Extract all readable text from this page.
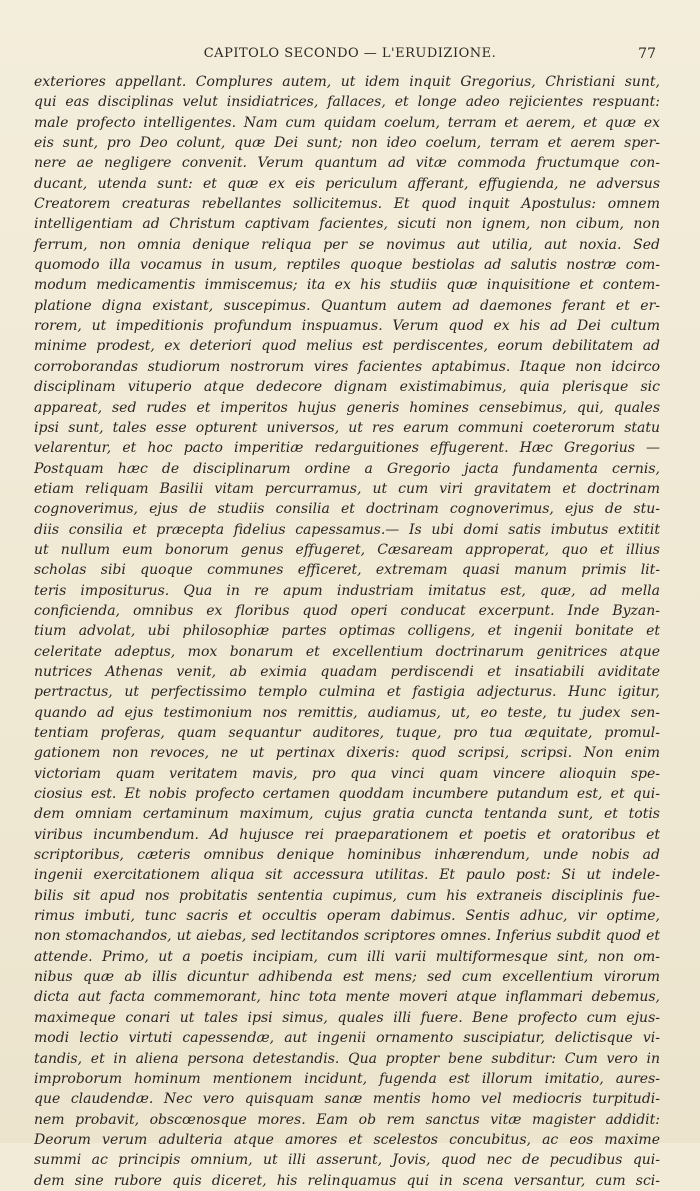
CAPITOLO SECONDO — L'ERUDIZIONE.	77
exteriores appellant. Complures autem, ut idem inquit Gregorius, Christiani sunt,
qui eas disciplinas velut insidiatrices, fallaces, et longe adeo rejicientes respuant:
male profecto intelligentes. Nam cum quidam coelum, terram et aerem, et quæ ex
eis sunt, pro Deo colunt, quæ Dei sunt; non ideo coelum, terram et aerem sper-
nere ae negligere convenit. Verum quantum ad vitæ commoda fructumque con-
ducant, utenda sunt: et quæ ex eis periculum afferant, effugienda, ne adversus
Creatorem creaturas rebellantes sollicitemus. Et quod inquit Apostulus: omnem
intelligentiam ad Christum captivam facientes, sicuti non ignem, non cibum, non
ferrum, non omnia denique reliqua per se novimus aut utilia, aut noxia. Sed
quomodo illa vocamus in usum, reptiles quoque bestiolas ad salutis nostræ com-
modum medicamentis immiscemus; ita ex his studiis quæ inquisitione et contem-
platione digna existant, suscepimus. Quantum autem ad daemones ferant et er-
rorem, ut impeditionis profundum inspuamus. Verum quod ex his ad Dei cultum
minime prodest, ex deteriori quod melius est perdiscentes, eorum debilitatem ad
corroborandas studiorum nostrorum vires facientes aptabimus. Itaque non idcirco
disciplinam vituperio atque dedecore dignam existimabimus, quia plerisque sic
appareat, sed rudes et imperitos hujus generis homines censebimus, qui, quales
ipsi sunt, tales esse opturent universos, ut res earum communi coeterorum statu
velarentur, et hoc pacto imperitiæ redarguitiones effugerent. Hæc Gregorius —
Postquam hæc de disciplinarum ordine a Gregorio jacta fundamenta cernis,
etiam reliquam Basilii vitam percurramus, ut cum viri gravitatem et doctrinam
cognoverimus, ejus de studiis consilia et doctrinam cognoverimus, ejus de stu-
diis consilia et præcepta fidelius capessamus.— Is ubi domi satis imbutus extitit
ut nullum eum bonorum genus effugeret, Cæsaream approperat, quo et illius
scholas sibi quoque communes efficeret, extremam quasi manum primis lit-
teris impositurus. Qua in re apum industriam imitatus est, quæ, ad mella
conficienda, omnibus ex floribus quod operi conducat excerpunt. Inde Byzan-
tium advolat, ubi philosophiæ partes optimas colligens, et ingenii bonitate et
celeritate adeptus, mox bonarum et excellentium doctrinarum genitrices atque
nutrices Athenas venit, ab eximia quadam perdiscendi et insatiabili aviditate
pertractus, ut perfectissimo templo culmina et fastigia adjecturus. Hunc igitur,
quando ad ejus testimonium nos remittis, audiamus, ut, eo teste, tu judex sen-
tentiam proferas, quam sequantur auditores, tuque, pro tua æquitate, promul-
gationem non revoces, ne ut pertinax dixeris: quod scripsi, scripsi. Non enim
victoriam quam veritatem mavis, pro qua vinci quam vincere alioquin spe-
ciosius est. Et nobis profecto certamen quoddam incumbere putandum est, et qui-
dem omniam certaminum maximum, cujus gratia cuncta tentanda sunt, et totis
viribus incumbendum. Ad hujusce rei praeparationem et poetis et oratoribus et
scriptoribus, cæteris omnibus denique hominibus inhærendum, unde nobis ad
ingenii exercitationem aliqua sit accessura utilitas. Et paulo post: Si ut indele-
bilis sit apud nos probitatis sententia cupimus, cum his extraneis disciplinis fue-
rimus imbuti, tunc sacris et occultis operam dabimus. Sentis adhuc, vir optime,
non stomachandos, ut aiebas, sed lectitandos scriptores omnes. Inferius subdit quod et
attende. Primo, ut a poetis incipiam, cum illi varii multiformesque sint, non om-
nibus quæ ab illis dicuntur adhibenda est mens; sed cum excellentium virorum
dicta aut facta commemorant, hinc tota mente moveri atque inflammari debemus,
maximeque conari ut tales ipsi simus, quales illi fuere. Bene profecto cum ejus-
modi lectio virtuti capessendæ, aut ingenii ornamento suscipiatur, delictisque vi-
tandis, et in aliena persona detestandis. Qua propter bene subditur: Cum vero in
improborum hominum mentionem incidunt, fugenda est illorum imitatio, aures-
que claudendæ. Nec vero quisquam sanæ mentis homo vel mediocris turpitudi-
nem probavit, obscœnosque mores. Eam ob rem sanctus vitæ magister addidit:
Deorum verum adulteria atque amores et scelestos concubitus, ac eos maxime
summi ac principis omnium, ut illi asserunt, Jovis, quod nec de pecudibus qui-
dem sine rubore quis diceret, his relinquamus qui in scena versantur, cum sci-
